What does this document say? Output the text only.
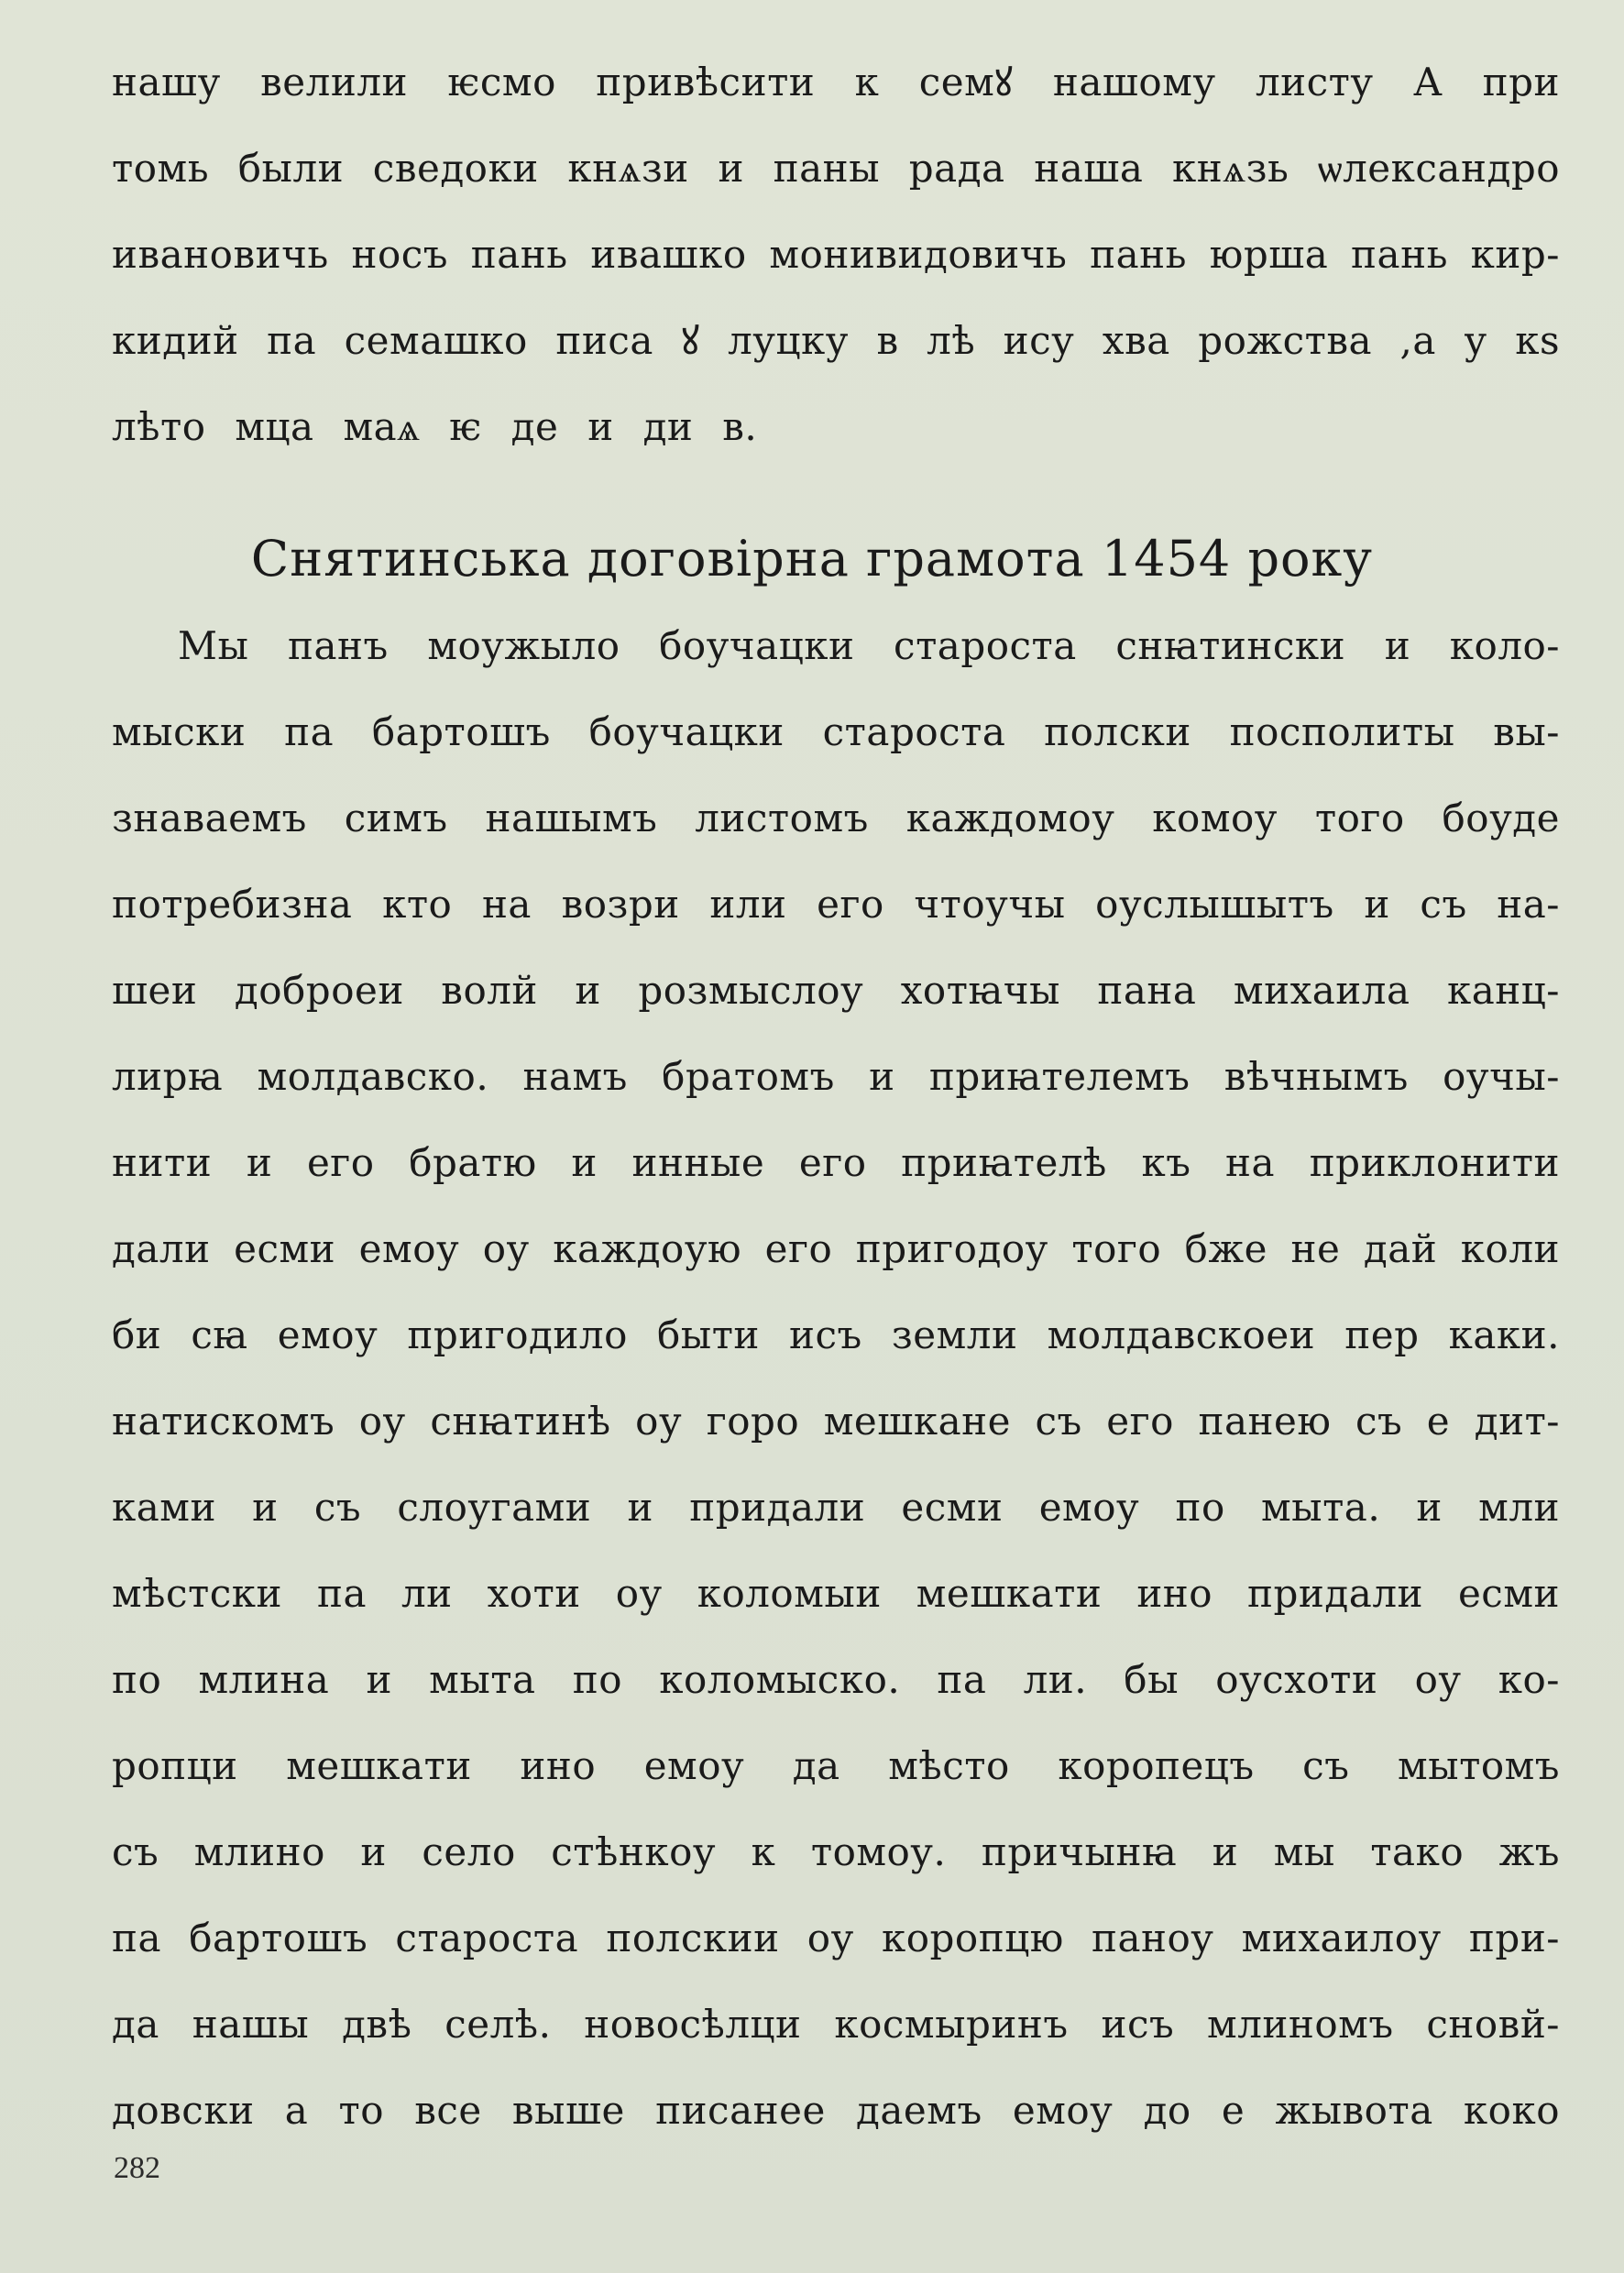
нашу велили ѥсмо привѣсити к семꙋ нашому листу А при
томь были сведоки кнѧзи и паны рада наша кнѧзь ѡлександро
ивановичь носъ пань ивашко монивидовичь пань юрша пань кир-
кидий па семашко писа ꙋ луцку в лѣ ису хва рожства ,а у кѕ
лѣто мца маѧ ѥ де и ди в.
Снятинська договірна грамота 1454 року
Мы панъ моужыло боучацки староста снꙗтински и коло-
мыски па бартошъ боучацки староста полски посполиты вы-
знаваемъ симъ нашымъ листомъ каждомоу комоу того боуде
потребизна кто на возри или его чтоучы оуслышытъ и съ на-
шеи доброеи волй и розмыслоу хотꙗчы пана михаила канц-
лирꙗ молдавско. намъ братомъ и приꙗтелемъ вѣчнымъ оучы-
нити и его братю и инные его приꙗтелѣ къ на приклонити
дали есми емоу оу каждоую его пригодоу того бже не дай коли
би сꙗ емоу пригодило быти исъ земли молдавскоеи пер каки.
натискомъ оу снꙗтинѣ оу горо мешкане съ его панею съ е дит-
ками и съ слоугами и придали есми емоу по мыта. и мли
мѣстски па ли хоти оу коломыи мешкати ино придали есми
по млина и мыта по коломыско. па ли. бы оусхоти оу ко-
ропци мешкати ино емоу да мѣсто коропецъ съ мытомъ
съ млино и село стѣнкоу к томоу. причынꙗ и мы тако жъ
па бартошъ староста полскии оу коропцю паноу михаилоу при-
да нашы двѣ селѣ. новосѣлци космыринъ исъ млиномъ сновй-
довски а то все выше писанее даемъ емоу до е жывота коко
282
